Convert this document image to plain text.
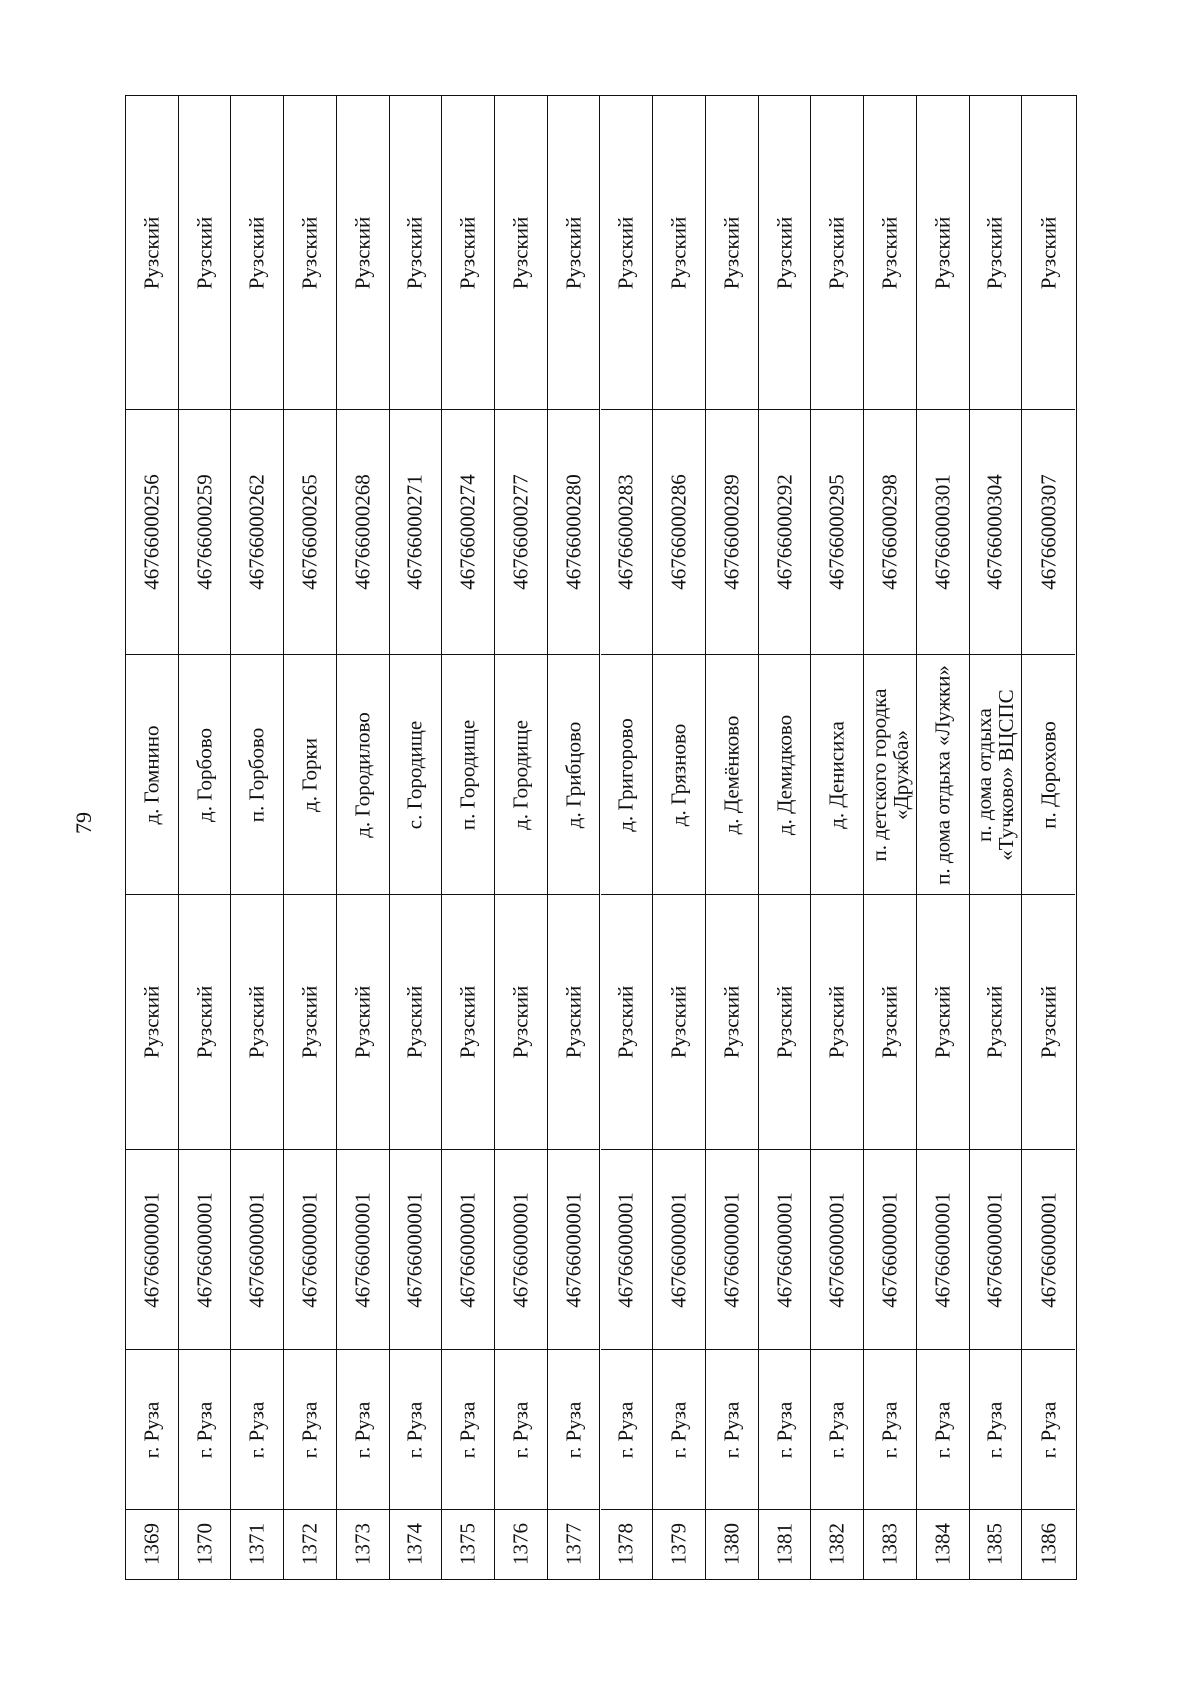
79
1369
г. Руза
46766000001
Рузский
д. Гомнино
46766000256
Рузский
1370
г. Руза
46766000001
Рузский
д. Горбово
46766000259
Рузский
1371
г. Руза
46766000001
Рузский
п. Горбово
46766000262
Рузский
1372
г. Руза
46766000001
Рузский
д. Горки
46766000265
Рузский
1373
г. Руза
46766000001
Рузский
д. Городилово
46766000268
Рузский
1374
г. Руза
46766000001
Рузский
с. Городище
46766000271
Рузский
1375
г. Руза
46766000001
Рузский
п. Городище
46766000274
Рузский
1376
г. Руза
46766000001
Рузский
д. Городище
46766000277
Рузский
1377
г. Руза
46766000001
Рузский
д. Грибцово
46766000280
Рузский
1378
г. Руза
46766000001
Рузский
д. Григорово
46766000283
Рузский
1379
г. Руза
46766000001
Рузский
д. Грязново
46766000286
Рузский
1380
г. Руза
46766000001
Рузский
д. Демёнково
46766000289
Рузский
1381
г. Руза
46766000001
Рузский
д. Демидково
46766000292
Рузский
1382
г. Руза
46766000001
Рузский
д. Денисиха
46766000295
Рузский
1383
г. Руза
46766000001
Рузский
п. детского городка «Дружба»
46766000298
Рузский
1384
г. Руза
46766000001
Рузский
п. дома отдыха «Лужки»
46766000301
Рузский
1385
г. Руза
46766000001
Рузский
п. дома отдыха «Тучково» ВЦСПС
46766000304
Рузский
1386
г. Руза
46766000001
Рузский
п. Дорохово
46766000307
Рузский
